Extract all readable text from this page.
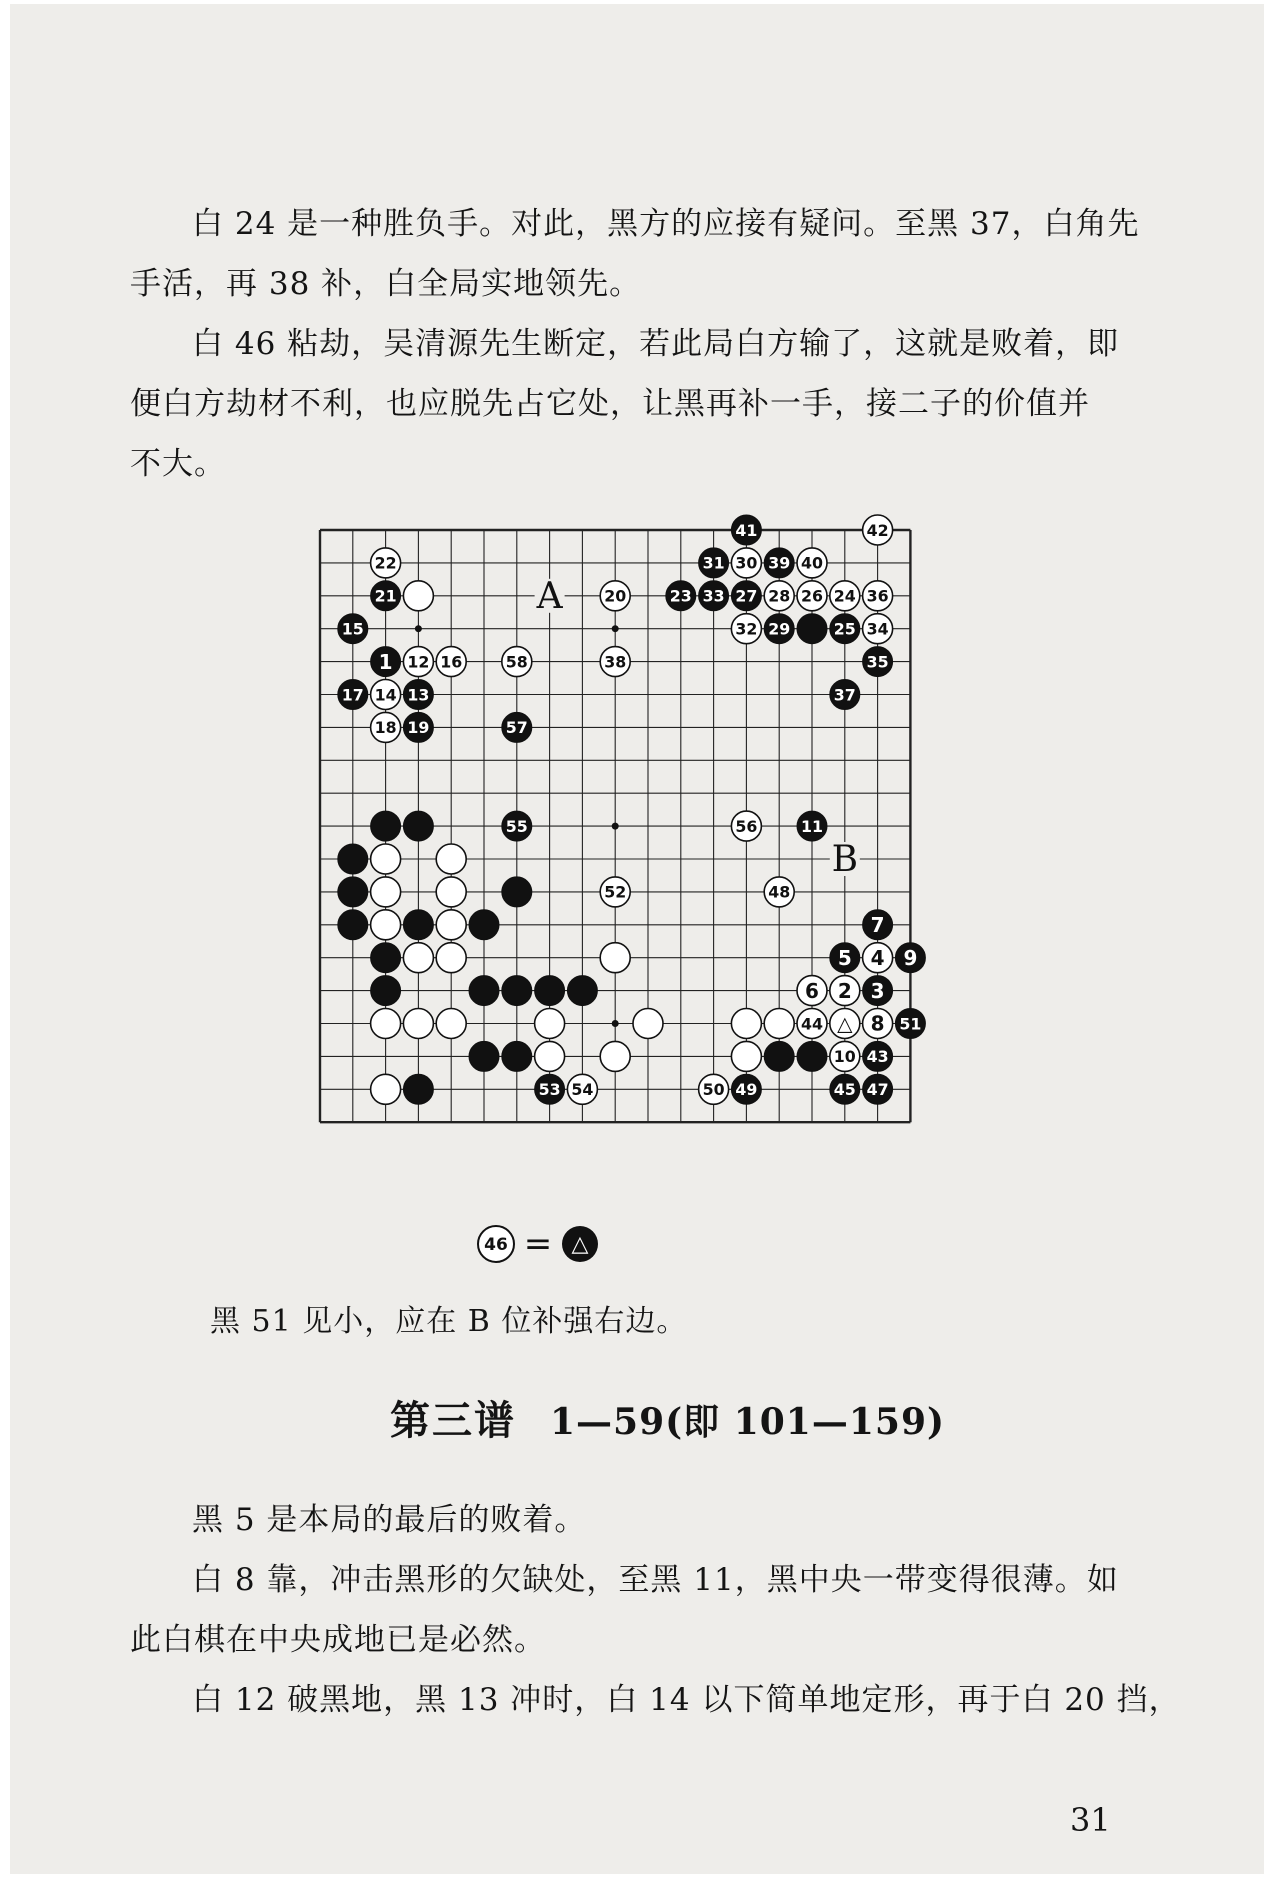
白 24 是一种胜负手。对此，黑方的应接有疑问。至黑 37，白角先
手活，再 38 补，白全局实地领先。

白 46 粘劫，吴清源先生断定，若此局白方输了，这就是败着，即
便白方劫材不利，也应脱先占它处，让黑再补一手，接二子的价值并
不大。

A
B
22
21
15
1 12 16	58
17 14 13
18 19	57
20
38
41	42
31 30 39 40
23 33 27 28 26 24 36
32 29	25 34
35
37
55	56	11
52	48
7
5 4 9
6 2 3
44 △ 8 51
10 43
53 54	50 49	45 47
46 = △
黑 51 见小，应在 B 位补强右边。
第三谱 1—59(即 101—159)

黑 5 是本局的最后的败着。

白 8 靠，冲击黑形的欠缺处，至黑 11，黑中央一带变得很薄。如
此白棋在中央成地已是必然。

白 12 破黑地，黑 13 冲时，白 14 以下简单地定形，再于白 20 挡，

31
